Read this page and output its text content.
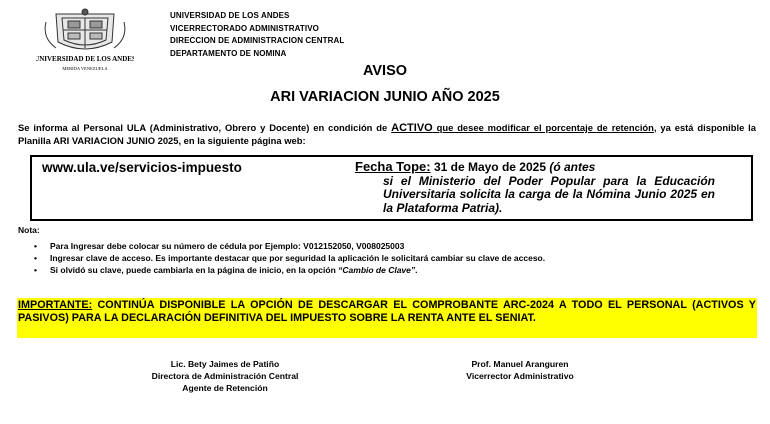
UNIVERSIDAD DE LOS ANDES
MERIDA VENEZUELA
UNIVERSIDAD DE LOS ANDES
VICERRECTORADO ADMINISTRATIVO
DIRECCION DE ADMINISTRACION CENTRAL
DEPARTAMENTO DE NOMINA
AVISO
ARI VARIACION JUNIO AÑO 2025
Se informa al Personal ULA (Administrativo, Obrero y Docente) en condición de ACTIVO que desee modificar el porcentaje de retención, ya está disponible la Planilla ARI VARIACION JUNIO 2025, en la siguiente página web:
www.ula.ve/servicios-impuesto	Fecha Tope: 31 de Mayo de 2025 (ó antes
si el Ministerio del Poder Popular para la Educación Universitaria solicita la carga de la Nómina Junio 2025 en la Plataforma Patria).
Nota:
• Para Ingresar debe colocar su número de cédula por Ejemplo: V012152050, V008025003
• Ingresar clave de acceso. Es importante destacar que por seguridad la aplicación le solicitará cambiar su clave de acceso.
• Si olvidó su clave, puede cambiarla en la página de inicio, en la opción “Cambio de Clave”.
IMPORTANTE: CONTINÚA DISPONIBLE LA OPCIÓN DE DESCARGAR EL COMPROBANTE ARC-2024 A TODO EL PERSONAL (ACTIVOS Y PASIVOS) PARA LA DECLARACIÓN DEFINITIVA DEL IMPUESTO SOBRE LA RENTA ANTE EL SENIAT.
Lic. Bety Jaimes de Patiño
Directora de Administración Central
Agente de Retención
Prof. Manuel Aranguren
Vicerrector Administrativo
